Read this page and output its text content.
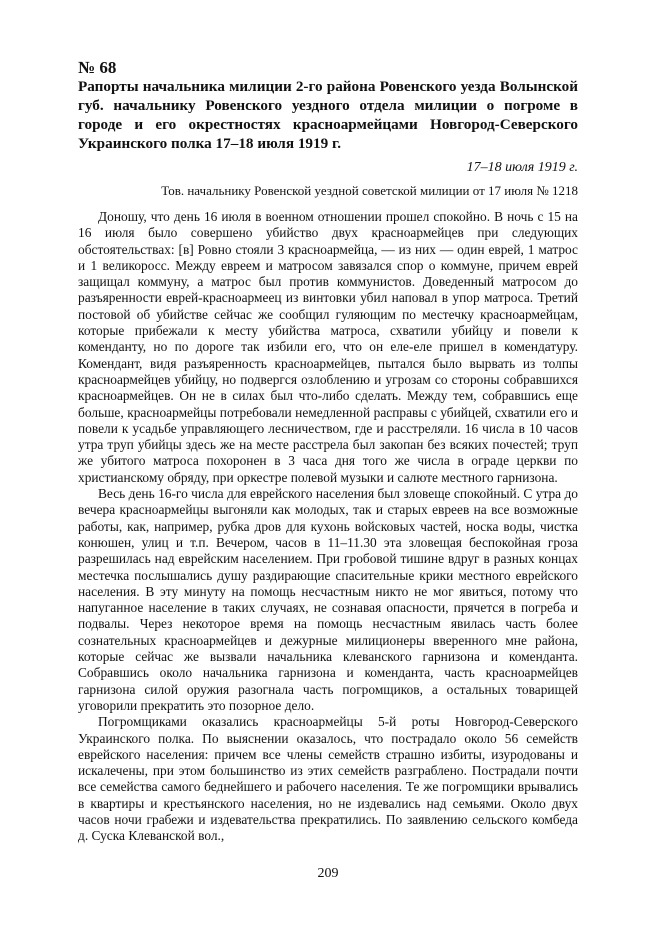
№ 68

Рапорты начальника милиции 2-го района Ровенского уезда Волынской губ. начальнику Ровенского уездного отдела милиции о погроме в городе и его окрестностях красноармейцами Новгород-Северского Украинского полка 17–18 июля 1919 г.

17–18 июля 1919 г.

Тов. начальнику Ровенской уездной советской милиции от 17 июля № 1218

Доношу, что день 16 июля в военном отношении прошел спокойно. В ночь с 15 на 16 июля было совершено убийство двух красноармейцев при следующих обстоятельствах: [в] Ровно стояли 3 красноармейца, — из них — один еврей, 1 матрос и 1 великоросс. Между евреем и матросом завязался спор о коммуне, причем еврей защищал коммуну, а матрос был против коммунистов. Доведенный матросом до разъяренности еврей-красноармеец из винтовки убил наповал в упор матроса. Третий постовой об убийстве сейчас же сообщил гуляющим по местечку красноармейцам, которые прибежали к месту убийства матроса, схватили убийцу и повели к коменданту, но по дороге так избили его, что он еле-еле пришел в комендатуру. Комендант, видя разъяренность красноармейцев, пытался было вырвать из толпы красноармейцев убийцу, но подвергся озлоблению и угрозам со стороны собравшихся красноармейцев. Он не в силах был что-либо сделать. Между тем, собравшись еще больше, красноармейцы потребовали немедленной расправы с убийцей, схватили его и повели к усадьбе управляющего лесничеством, где и расстреляли. 16 числа в 10 часов утра труп убийцы здесь же на месте расстрела был закопан без всяких почестей; труп же убитого матроса похоронен в 3 часа дня того же числа в ограде церкви по христианскому обряду, при оркестре полевой музыки и салюте местного гарнизона.

Весь день 16-го числа для еврейского населения был зловеще спокойный. С утра до вечера красноармейцы выгоняли как молодых, так и старых евреев на все возможные работы, как, например, рубка дров для кухонь войсковых частей, носка воды, чистка конюшен, улиц и т.п. Вечером, часов в 11–11.30 эта зловещая беспокойная гроза разрешилась над еврейским населением. При гробовой тишине вдруг в разных концах местечка послышались душу раздирающие спасительные крики местного еврейского населения. В эту минуту на помощь несчастным никто не мог явиться, потому что напуганное население в таких случаях, не сознавая опасности, прячется в погреба и подвалы. Через некоторое время на помощь несчастным явилась часть более сознательных красноармейцев и дежурные милиционеры вверенного мне района, которые сейчас же вызвали начальника клеванского гарнизона и коменданта. Собравшись около начальника гарнизона и коменданта, часть красноармейцев гарнизона силой оружия разогнала часть погромщиков, а остальных товарищей уговорили прекратить это позорное дело.

Погромщиками оказались красноармейцы 5-й роты Новгород-Северского Украинского полка. По выяснении оказалось, что пострадало около 56 семейств еврейского населения: причем все члены семейств страшно избиты, изуродованы и искалечены, при этом большинство из этих семейств разграблено. Пострадали почти все семейства самого беднейшего и рабочего населения. Те же погромщики врывались в квартиры и крестьянского населения, но не издевались над семьями. Около двух часов ночи грабежи и издевательства прекратились. По заявлению сельского комбеда д. Суска Клеванской вол.,

209
